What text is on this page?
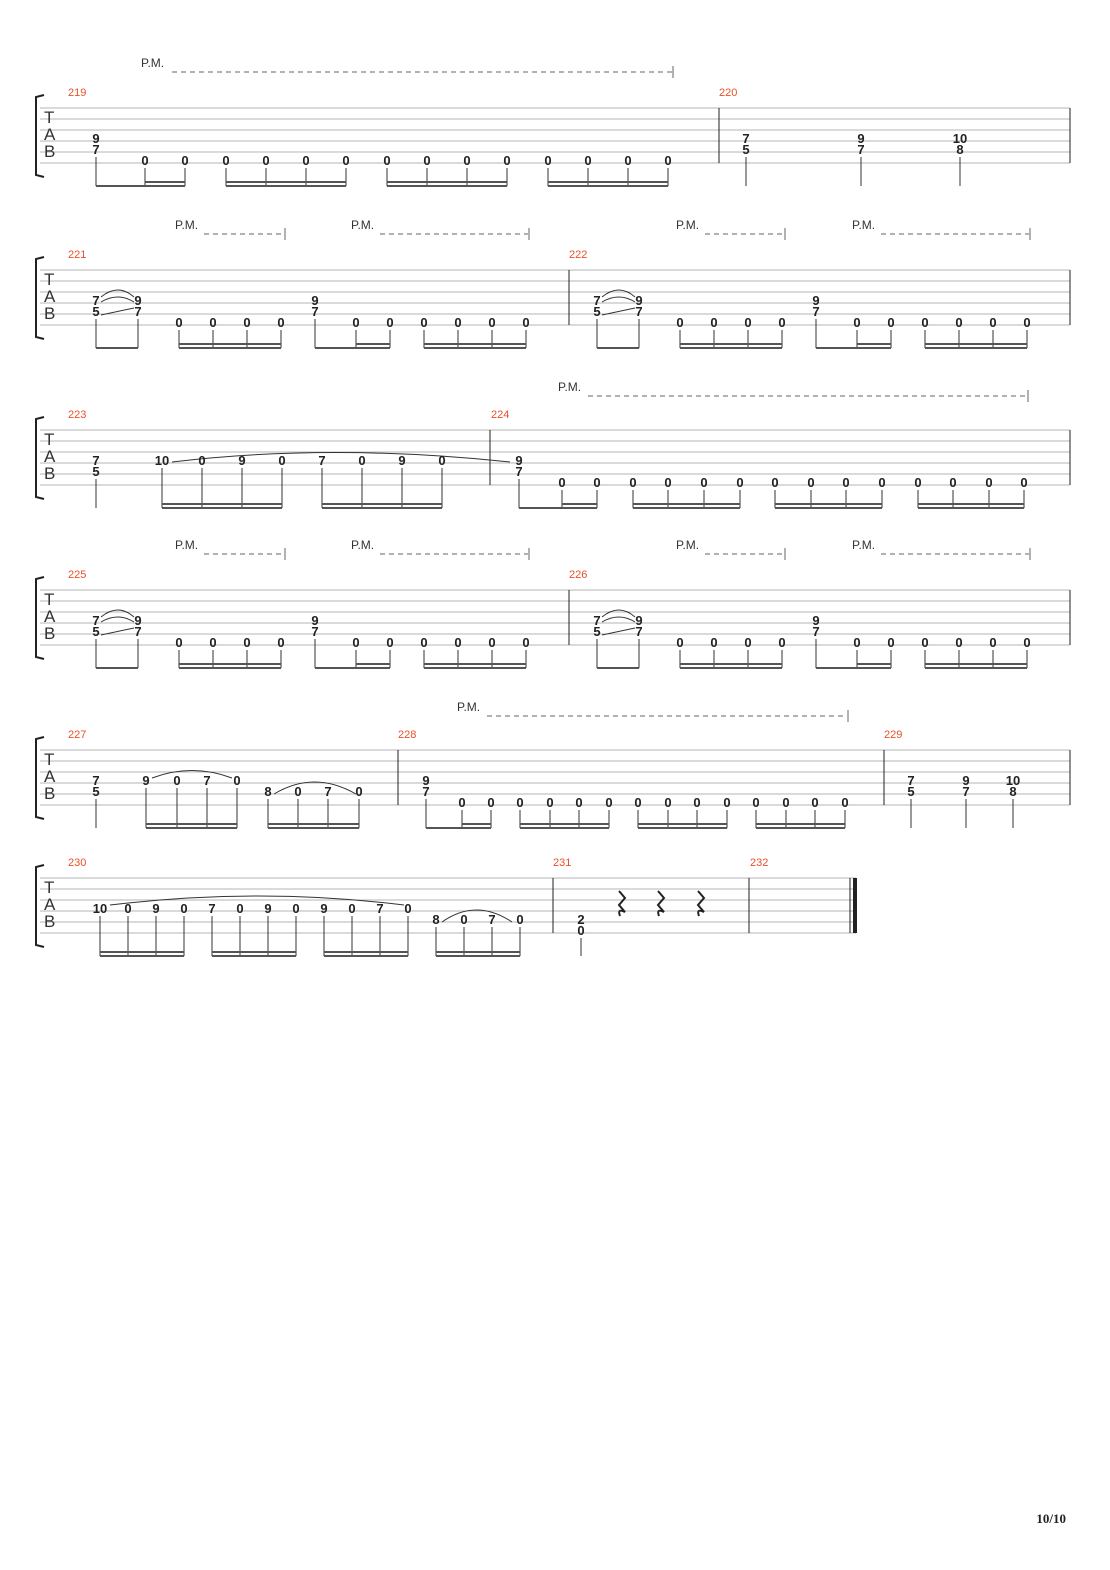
T
A
B
219	220
P.M.
9
7
0	0	0	0	0	0	0	0	0	0	0	0	0	0
7
5
9
7
10
8
T
A
B
221	222
P.M.	P.M.	P.M.	P.M.
7
5
9
7
0 0 0 0
9
7
0 0 0 0 0 0
7
5
9
7
0 0 0 0
9
7
0 0 0 0 0 0
T
A
B
223	224
P.M.
7
5
10 0	9	0	7	0	9	0	9
7
0 0 0 0 0 0 0 0 0 0 0 0 0 0
T
A
B
225	226
P.M.	P.M.	P.M.	P.M.
7
5
9
7
0 0 0 0
9
7
0 0 0 0 0 0
7
5
9
7
0 0 0 0
9
7
0 0 0 0 0 0
T
A
B
227	228	229
P.M.
7
5
9 0 7 0
8 0 7 0
9
7
0 0 0 0 0 0 0 0 0 0 0 0 0 0
7
5
9
7
10
8
T
A
B
230	231	232
10 0 9 0 7 0 9 0 9 0 7 0
8 0 7 0	2
0
10/10
